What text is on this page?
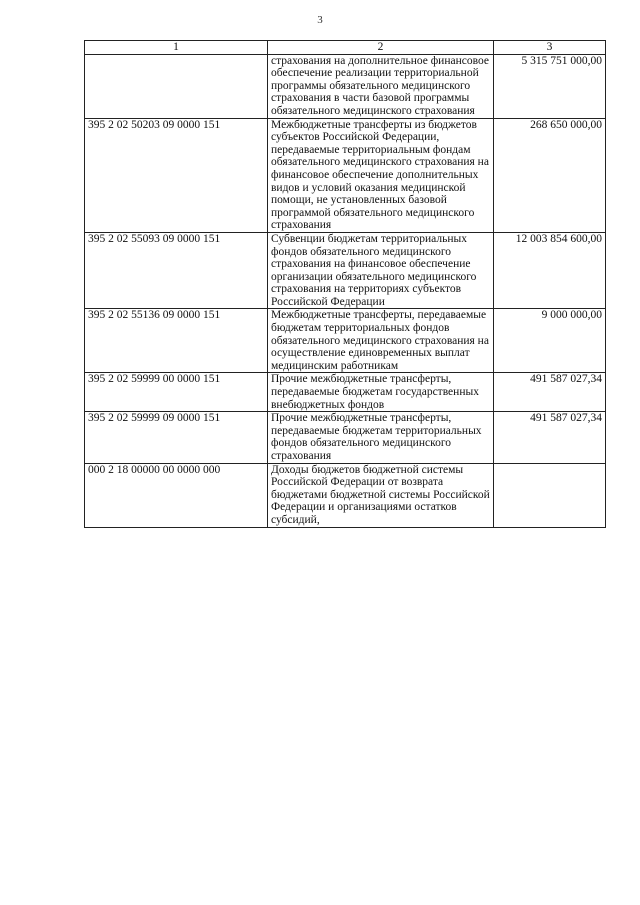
3
1	2	3
	страхования на дополнительное финансовое обеспечение реализации территориальной программы обязательного медицинского страхования в части базовой программы обязательного медицинского страхования	5 315 751 000,00
395 2 02 50203 09 0000 151	Межбюджетные трансферты из бюджетов субъектов Российской Федерации, передаваемые территориальным фондам обязательного медицинского страхования на финансовое обеспечение дополнительных видов и условий оказания медицинской помощи, не установленных базовой программой обязательного медицинского страхования	268 650 000,00
395 2 02 55093 09 0000 151	Субвенции бюджетам территориальных фондов обязательного медицинского страхования на финансовое обеспечение организации обязательного медицинского страхования на территориях субъектов Российской Федерации	12 003 854 600,00
395 2 02 55136 09 0000 151	Межбюджетные трансферты, передаваемые бюджетам территориальных фондов обязательного медицинского страхования на осуществление единовременных выплат медицинским работникам	9 000 000,00
395 2 02 59999 00 0000 151	Прочие межбюджетные трансферты, передаваемые бюджетам государственных внебюджетных фондов	491 587 027,34
395 2 02 59999 09 0000 151	Прочие межбюджетные трансферты, передаваемые бюджетам территориальных фондов обязательного медицинского страхования	491 587 027,34
000 2 18 00000 00 0000 000	Доходы бюджетов бюджетной системы Российской Федерации от возврата бюджетами бюджетной системы Российской Федерации и организациями остатков субсидий,	
